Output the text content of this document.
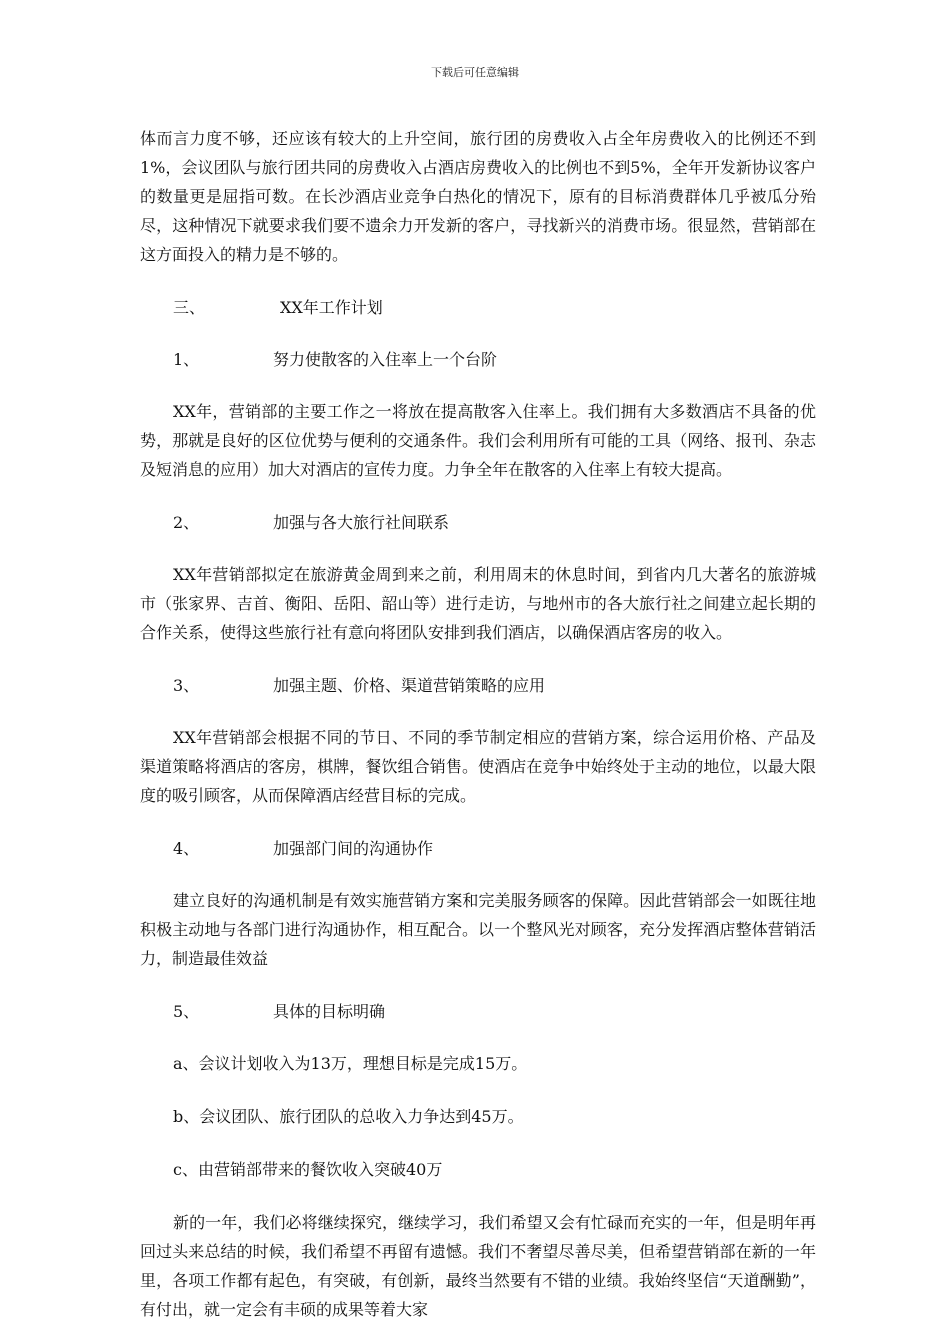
下载后可任意编辑

体而言力度不够，还应该有较大的上升空间，旅行团的房费收入占全年房费收入的比例还不到1%，会议团队与旅行团共同的房费收入占酒店房费收入的比例也不到5%，全年开发新协议客户的数量更是屈指可数。在长沙酒店业竞争白热化的情况下，原有的目标消费群体几乎被瓜分殆尽，这种情况下就要求我们要不遗余力开发新的客户，寻找新兴的消费市场。很显然，营销部在这方面投入的精力是不够的。

三、	XX年工作计划

1、	努力使散客的入住率上一个台阶

XX年，营销部的主要工作之一将放在提高散客入住率上。我们拥有大多数酒店不具备的优势，那就是良好的区位优势与便利的交通条件。我们会利用所有可能的工具（网络、报刊、杂志及短消息的应用）加大对酒店的宣传力度。力争全年在散客的入住率上有较大提高。

2、	加强与各大旅行社间联系

XX年营销部拟定在旅游黄金周到来之前，利用周末的休息时间，到省内几大著名的旅游城市（张家界、吉首、衡阳、岳阳、韶山等）进行走访，与地州市的各大旅行社之间建立起长期的合作关系，使得这些旅行社有意向将团队安排到我们酒店，以确保酒店客房的收入。

3、	加强主题、价格、渠道营销策略的应用

XX年营销部会根据不同的节日、不同的季节制定相应的营销方案，综合运用价格、产品及渠道策略将酒店的客房，棋牌，餐饮组合销售。使酒店在竞争中始终处于主动的地位，以最大限度的吸引顾客，从而保障酒店经营目标的完成。

4、	加强部门间的沟通协作

建立良好的沟通机制是有效实施营销方案和完美服务顾客的保障。因此营销部会一如既往地积极主动地与各部门进行沟通协作，相互配合。以一个整风光对顾客，充分发挥酒店整体营销活力，制造最佳效益

5、	具体的目标明确

a、会议计划收入为13万，理想目标是完成15万。

b、会议团队、旅行团队的总收入力争达到45万。

c、由营销部带来的餐饮收入突破40万

新的一年，我们必将继续探究，继续学习，我们希望又会有忙碌而充实的一年，但是明年再回过头来总结的时候，我们希望不再留有遗憾。我们不奢望尽善尽美，但希望营销部在新的一年里，各项工作都有起色，有突破，有创新，最终当然要有不错的业绩。我始终坚信“天道酬勤”，有付出，就一定会有丰硕的成果等着大家
